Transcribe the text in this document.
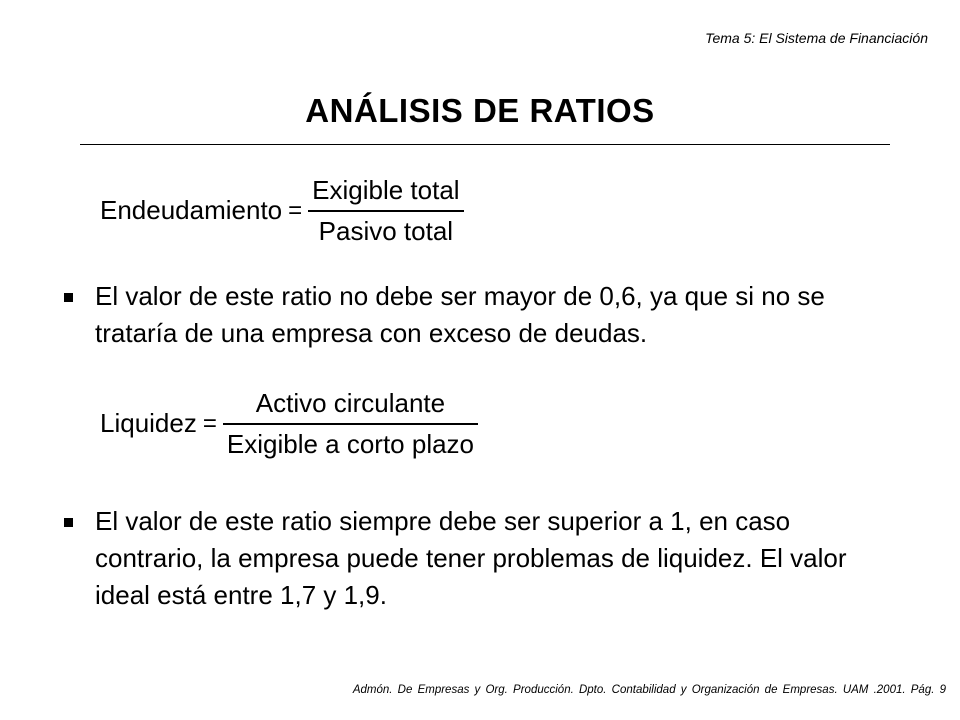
Tema 5: El Sistema de Financiación
ANÁLISIS DE RATIOS
Endeudamiento = $\frac{\text{Exigible total}}{\text{Pasivo total}}$
El valor de este ratio no debe ser mayor de 0,6, ya que si no se trataría de una empresa con exceso de deudas.
Liquidez = $\frac{\text{Activo circulante}}{\text{Exigible a corto plazo}}$
El valor de este ratio siempre debe ser superior a 1, en caso contrario, la empresa puede tener problemas de liquidez. El valor ideal está entre 1,7 y 1,9.
Admón. De Empresas y Org. Producción. Dpto. Contabilidad y Organización de Empresas. UAM .2001. Pág. 9
